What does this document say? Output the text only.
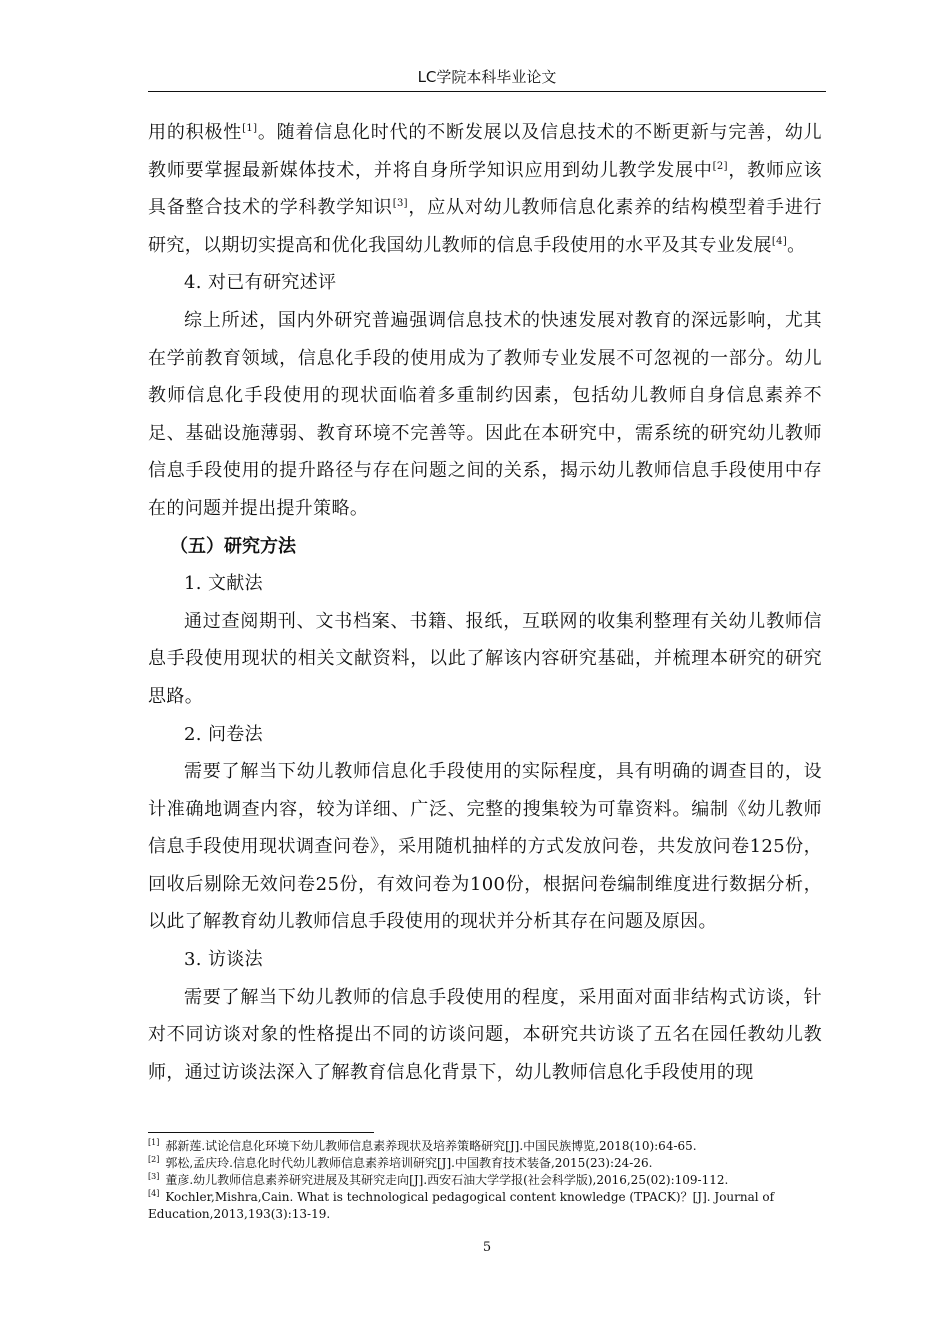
LC学院本科毕业论文

用的积极性[1]。随着信息化时代的不断发展以及信息技术的不断更新与完善，幼儿教师要掌握最新媒体技术，并将自身所学知识应用到幼儿教学发展中[2]，教师应该具备整合技术的学科教学知识[3]，应从对幼儿教师信息化素养的结构模型着手进行研究，以期切实提高和优化我国幼儿教师的信息手段使用的水平及其专业发展[4]。

4. 对已有研究述评

综上所述，国内外研究普遍强调信息技术的快速发展对教育的深远影响，尤其在学前教育领域，信息化手段的使用成为了教师专业发展不可忽视的一部分。幼儿教师信息化手段使用的现状面临着多重制约因素，包括幼儿教师自身信息素养不足、基础设施薄弱、教育环境不完善等。因此在本研究中，需系统的研究幼儿教师信息手段使用的提升路径与存在问题之间的关系，揭示幼儿教师信息手段使用中存在的问题并提出提升策略。

（五）研究方法

1. 文献法

通过查阅期刊、文书档案、书籍、报纸，互联网的收集利整理有关幼儿教师信息手段使用现状的相关文献资料，以此了解该内容研究基础，并梳理本研究的研究思路。

2. 问卷法

需要了解当下幼儿教师信息化手段使用的实际程度，具有明确的调查目的，设计准确地调查内容，较为详细、广泛、完整的搜集较为可靠资料。编制《幼儿教师信息手段使用现状调查问卷》，采用随机抽样的方式发放问卷，共发放问卷125份，回收后剔除无效问卷25份，有效问卷为100份，根据问卷编制维度进行数据分析，以此了解教育幼儿教师信息手段使用的现状并分析其存在问题及原因。

3. 访谈法

需要了解当下幼儿教师的信息手段使用的程度，采用面对面非结构式访谈，针对不同访谈对象的性格提出不同的访谈问题，本研究共访谈了五名在园任教幼儿教师，通过访谈法深入了解教育信息化背景下，幼儿教师信息化手段使用的现

[1] 郝新莲.试论信息化环境下幼儿教师信息素养现状及培养策略研究[J].中国民族博览,2018(10):64-65.

[2] 郭松,孟庆玲.信息化时代幼儿教师信息素养培训研究[J].中国教育技术装备,2015(23):24-26.

[3] 董彦.幼儿教师信息素养研究进展及其研究走向[J].西安石油大学学报(社会科学版),2016,25(02):109-112.

[4] Kochler,Mishra,Cain. What is technological pedagogical content knowledge (TPACK)？[J]. Journal of Education,2013,193(3):13-19.

5
